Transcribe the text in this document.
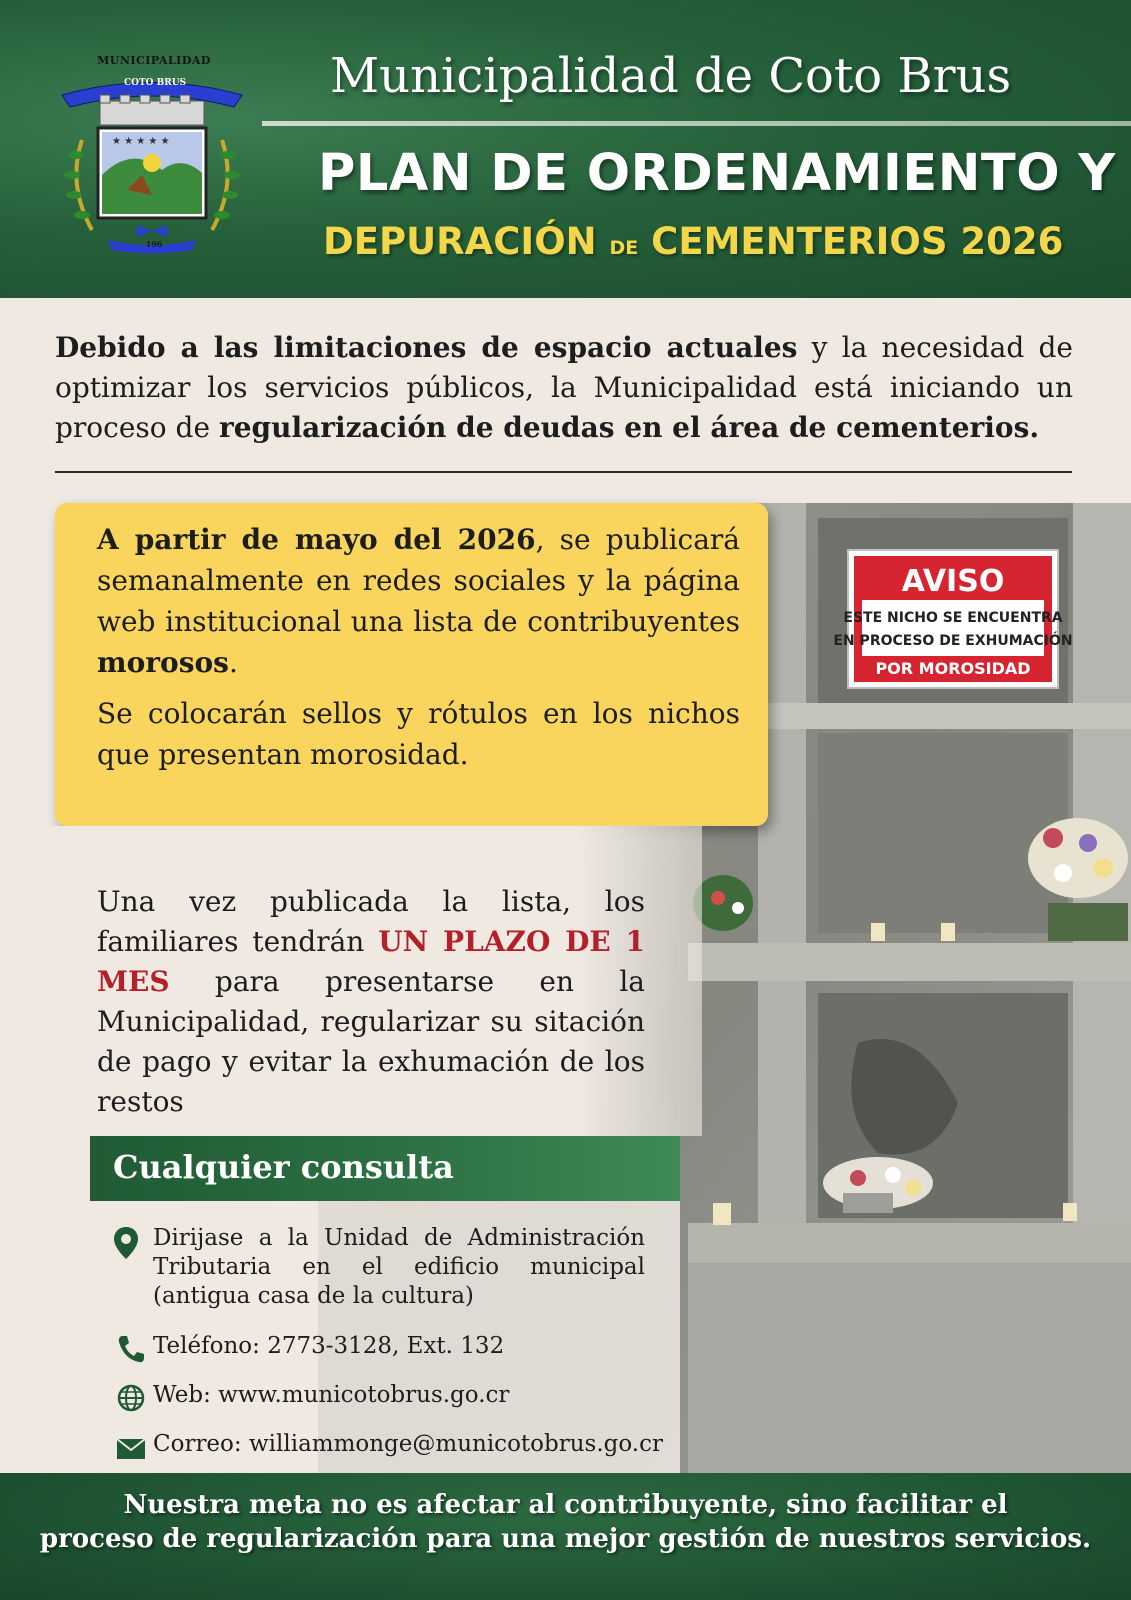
★ ★ ★ ★ ★
MUNICIPALIDAD
COTO BRUS
196
Municipalidad de Coto Brus
PLAN DE ORDENAMIENTO Y
DEPURACIÓN DE CEMENTERIOS 2026
Debido a las limitaciones de espacio actuales y la necesidad de optimizar los servicios públicos, la Municipalidad está iniciando un proceso de regularización de deudas en el área de cementerios.
AVISO
ESTE NICHO SE ENCUENTRA
EN PROCESO DE EXHUMACIÓN
POR MOROSIDAD

A partir de mayo del 2026, se publicará semanalmente en redes sociales y la página web institucional una lista de contribuyentes morosos.

Se colocarán sellos y rótulos en los nichos que presentan morosidad.

Una vez publicada la lista, los familiares tendrán UN PLAZO DE 1 MES para presentarse en la Municipalidad, regularizar su sitación de pago y evitar la exhumación de los restos
Cualquier consulta
Dirijase a la Unidad de Administración Tributaria en el edificio municipal (antigua casa de la cultura)
Teléfono: 2773-3128, Ext. 132
Web: www.municotobrus.go.cr
Correo: williammonge@municotobrus.go.cr
Nuestra meta no es afectar al contribuyente, sino facilitar el
proceso de regularización para una mejor gestión de nuestros servicios.
